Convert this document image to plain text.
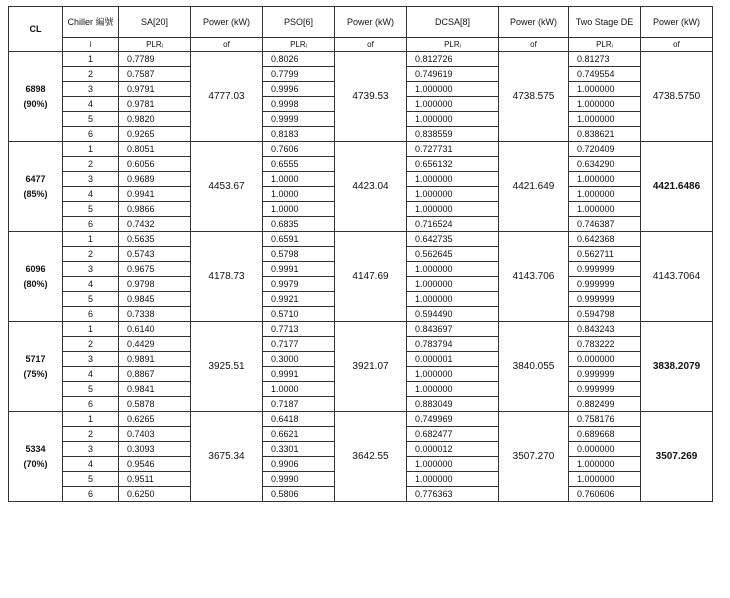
CL	Chiller 編號	SA[20]	Power (kW)	PSO[6]	Power (kW)	DCSA[8]	Power (kW)	Two Stage DE	Power (kW)
	i	PLRᵢ	of	PLRᵢ	of	PLRᵢ	of	PLRᵢ	of

6898
(90%)	1	0.7789	4777.03	0.8026	4739.53	0.812726	4738.575	0.81273	4738.5750
	2	0.7587		0.7799		0.749619		0.749554	
	3	0.9791		0.9996		1.000000		1.000000	
	4	0.9781		0.9998		1.000000		1.000000	
	5	0.9820		0.9999		1.000000		1.000000	
	6	0.9265		0.8183		0.838559		0.838621	

6477
(85%)	1	0.8051	4453.67	0.7606	4423.04	0.727731	4421.649	0.720409	4421.6486
	2	0.6056		0.6555		0.656132		0.634290	
	3	0.9689		1.0000		1.000000		1.000000	
	4	0.9941		1.0000		1.000000		1.000000	
	5	0.9866		1.0000		1.000000		1.000000	
	6	0.7432		0.6835		0.716524		0.746387	

6096
(80%)	1	0.5635	4178.73	0.6591	4147.69	0.642735	4143.706	0.642368	4143.7064
	2	0.5743		0.5798		0.562645		0.562711	
	3	0.9675		0.9991		1.000000		0.999999	
	4	0.9798		0.9979		1.000000		0.999999	
	5	0.9845		0.9921		1.000000		0.999999	
	6	0.7338		0.5710		0.594490		0.594798	

5717
(75%)	1	0.6140	3925.51	0.7713	3921.07	0.843697	3840.055	0.843243	3838.2079
	2	0.4429		0.7177		0.783794		0.783222	
	3	0.9891		0.3000		0.000001		0.000000	
	4	0.8867		0.9991		1.000000		0.999999	
	5	0.9841		1.0000		1.000000		0.999999	
	6	0.5878		0.7187		0.883049		0.882499	

5334
(70%)	1	0.6265	3675.34	0.6418	3642.55	0.749969	3507.270	0.758176	3507.269
	2	0.7403		0.6621		0.682477		0.689668	
	3	0.3093		0.3301		0.000012		0.000000	
	4	0.9546		0.9906		1.000000		1.000000	
	5	0.9511		0.9990		1.000000		1.000000	
	6	0.6250		0.5806		0.776363		0.760606	
